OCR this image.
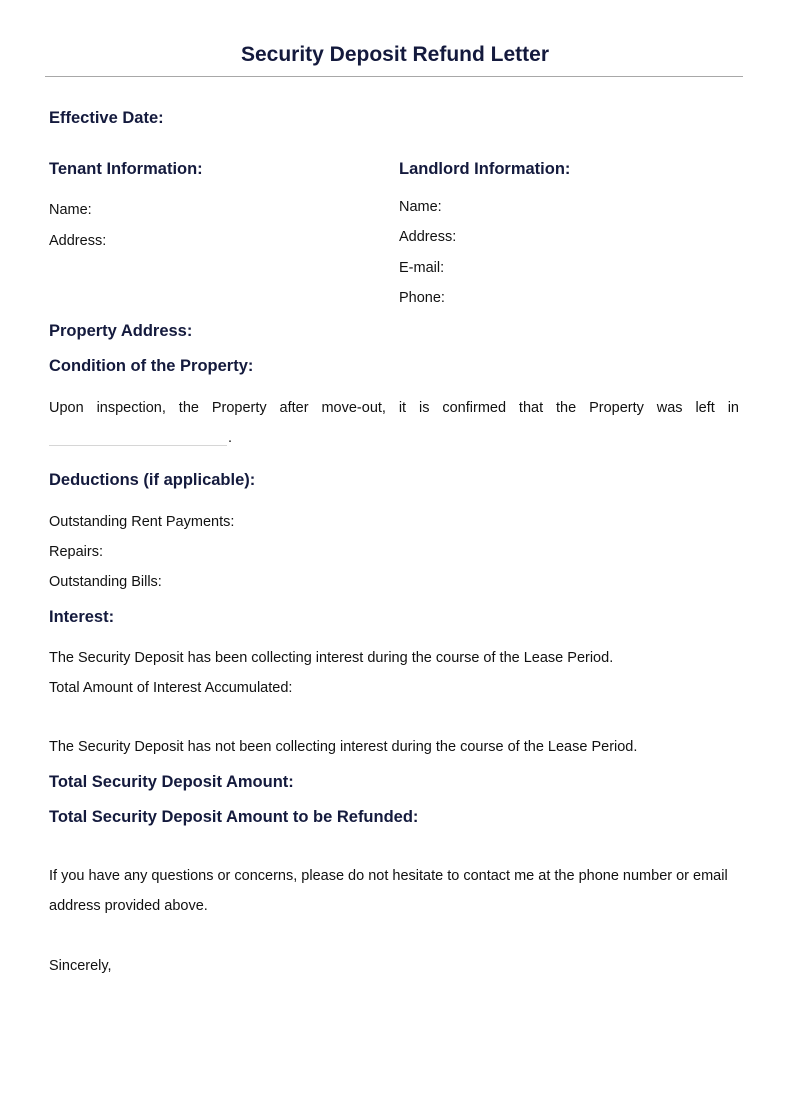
Security Deposit Refund Letter
Effective Date:
Tenant Information:
Name:
Address:
Landlord Information:
Name:
Address:
E-mail:
Phone:
Property Address:
Condition of the Property:
Upon inspection, the Property after move-out, it is confirmed that the Property was left in
.
Deductions (if applicable):
Outstanding Rent Payments:
Repairs:
Outstanding Bills:
Interest:
The Security Deposit has been collecting interest during the course of the Lease Period.
Total Amount of Interest Accumulated:
The Security Deposit has not been collecting interest during the course of the Lease Period.
Total Security Deposit Amount:
Total Security Deposit Amount to be Refunded:
If you have any questions or concerns, please do not hesitate to contact me at the phone number or email
address provided above.
Sincerely,
